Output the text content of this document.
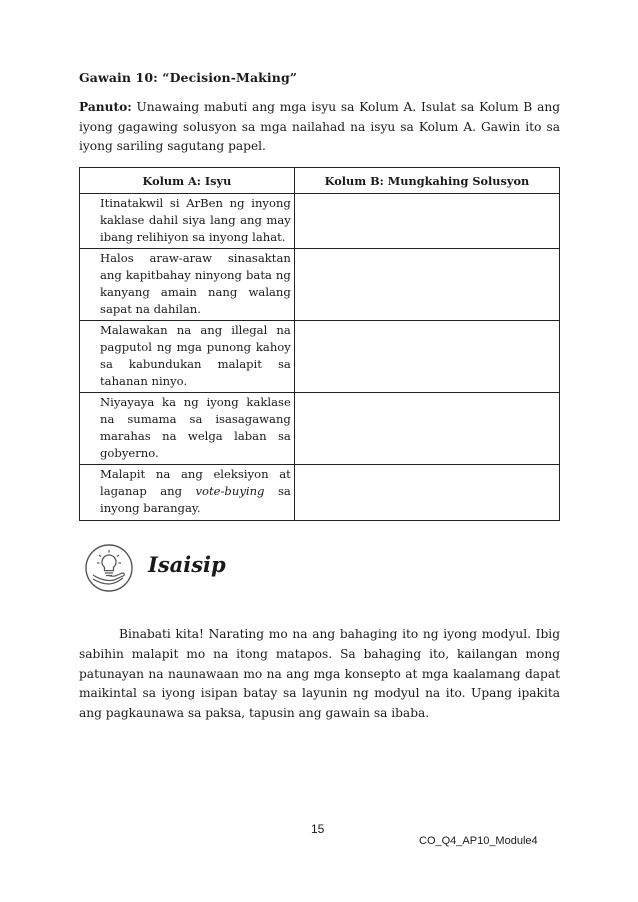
Gawain 10: “Decision-Making”
Panuto: Unawaing mabuti ang mga isyu sa Kolum A. Isulat sa Kolum B ang iyong gagawing solusyon sa mga nailahad na isyu sa Kolum A. Gawin ito sa iyong sariling sagutang papel.
Kolum A: Isyu	Kolum B: Mungkahing Solusyon

Itinatakwil si ArBen ng inyong kaklase dahil siya lang ang may ibang relihiyon sa inyong lahat.	

Halos araw-araw sinasaktan ang kapitbahay ninyong bata ng kanyang amain nang walang sapat na dahilan.	

Malawakan na ang illegal na pagputol ng mga punong kahoy sa kabundukan malapit sa tahanan ninyo.	

Niyayaya ka ng iyong kaklase na sumama sa isasagawang marahas na welga laban sa gobyerno.	

Malapit na ang eleksiyon at laganap ang vote-buying sa inyong barangay.	

Isaisip
Binabati kita! Narating mo na ang bahaging ito ng iyong modyul. Ibig sabihin malapit mo na itong matapos. Sa bahaging ito, kailangan mong patunayan na naunawaan mo na ang mga konsepto at mga kaalamang dapat maikintal sa iyong isipan batay sa layunin ng modyul na ito. Upang ipakita ang pagkaunawa sa paksa, tapusin ang gawain sa ibaba.
15
CO_Q4_AP10_Module4
